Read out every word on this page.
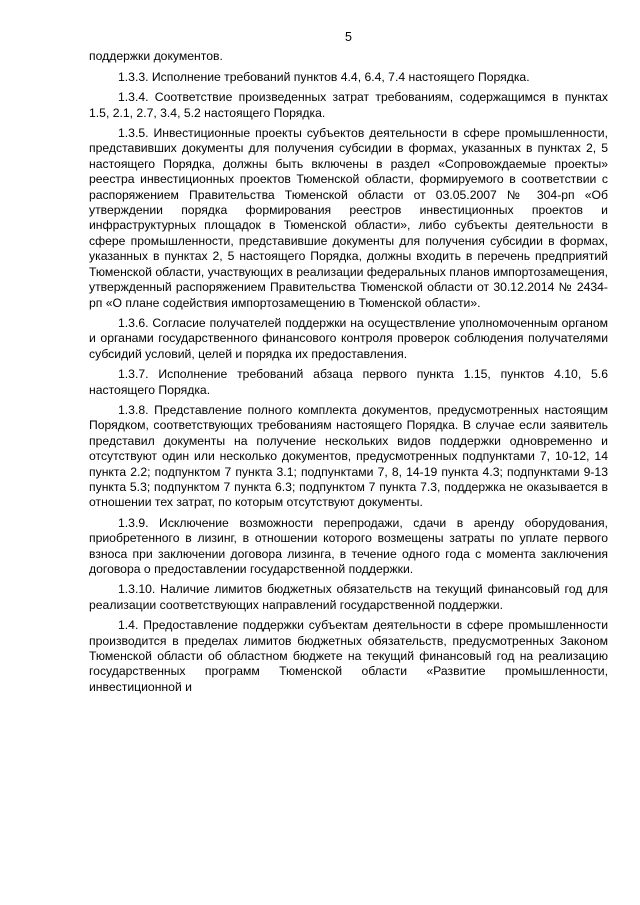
5

поддержки документов.

1.3.3. Исполнение требований пунктов 4.4, 6.4, 7.4 настоящего Порядка.

1.3.4. Соответствие произведенных затрат требованиям, содержащимся в пунктах 1.5, 2.1, 2.7, 3.4, 5.2 настоящего Порядка.

1.3.5. Инвестиционные проекты субъектов деятельности в сфере промышленности, представивших документы для получения субсидии в формах, указанных в пунктах 2, 5 настоящего Порядка, должны быть включены в раздел «Сопровождаемые проекты» реестра инвестиционных проектов Тюменской области, формируемого в соответствии с распоряжением Правительства Тюменской области от 03.05.2007 № 304-рп «Об утверждении порядка формирования реестров инвестиционных проектов и инфраструктурных площадок в Тюменской области», либо субъекты деятельности в сфере промышленности, представившие документы для получения субсидии в формах, указанных в пунктах 2, 5 настоящего Порядка, должны входить в перечень предприятий Тюменской области, участвующих в реализации федеральных планов импортозамещения, утвержденный распоряжением Правительства Тюменской области от 30.12.2014 № 2434-рп «О плане содействия импортозамещению в Тюменской области».

1.3.6. Согласие получателей поддержки на осуществление уполномоченным органом и органами государственного финансового контроля проверок соблюдения получателями субсидий условий, целей и порядка их предоставления.

1.3.7. Исполнение требований абзаца первого пункта 1.15, пунктов 4.10, 5.6 настоящего Порядка.

1.3.8. Представление полного комплекта документов, предусмотренных настоящим Порядком, соответствующих требованиям настоящего Порядка. В случае если заявитель представил документы на получение нескольких видов поддержки одновременно и отсутствуют один или несколько документов, предусмотренных подпунктами 7, 10-12, 14 пункта 2.2; подпунктом 7 пункта 3.1; подпунктами 7, 8, 14-19 пункта 4.3; подпунктами 9-13 пункта 5.3; подпунктом 7 пункта 6.3; подпунктом 7 пункта 7.3, поддержка не оказывается в отношении тех затрат, по которым отсутствуют документы.

1.3.9. Исключение возможности перепродажи, сдачи в аренду оборудования, приобретенного в лизинг, в отношении которого возмещены затраты по уплате первого взноса при заключении договора лизинга, в течение одного года с момента заключения договора о предоставлении государственной поддержки.

1.3.10. Наличие лимитов бюджетных обязательств на текущий финансовый год для реализации соответствующих направлений государственной поддержки.

1.4. Предоставление поддержки субъектам деятельности в сфере промышленности производится в пределах лимитов бюджетных обязательств, предусмотренных Законом Тюменской области об областном бюджете на текущий финансовый год на реализацию государственных программ Тюменской области «Развитие промышленности, инвестиционной и
